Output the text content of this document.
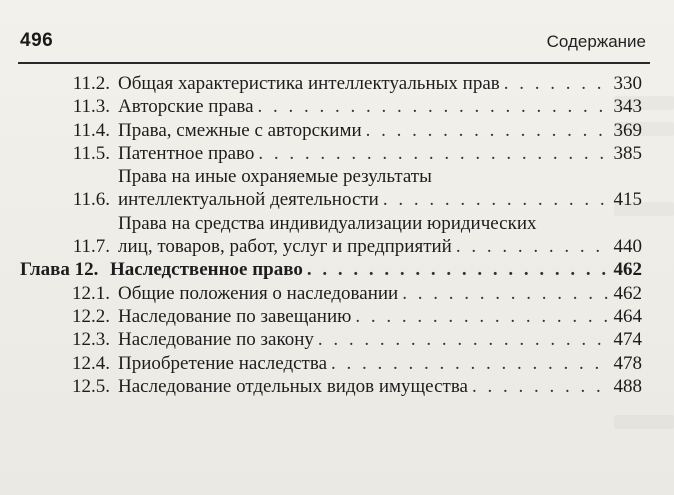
496	Содержание
11.2. Общая характеристика интеллектуальных прав . . .	330
11.3. Авторские права . . .	343
11.4. Права, смежные с авторскими . . .	369
11.5. Патентное право . . .	385
11.6.
Права на иные охраняемые результаты
интеллектуальной деятельности . . .	415
11.7.
Права на средства индивидуализации юридических
лиц, товаров, работ, услуг и предприятий . . .	440
Глава 12. Наследственное право . . .	462
12.1. Общие положения о наследовании . . .	462
12.2. Наследование по завещанию . . .	464
12.3. Наследование по закону . . .	474
12.4. Приобретение наследства . . .	478
12.5. Наследование отдельных видов имущества . . .	488
